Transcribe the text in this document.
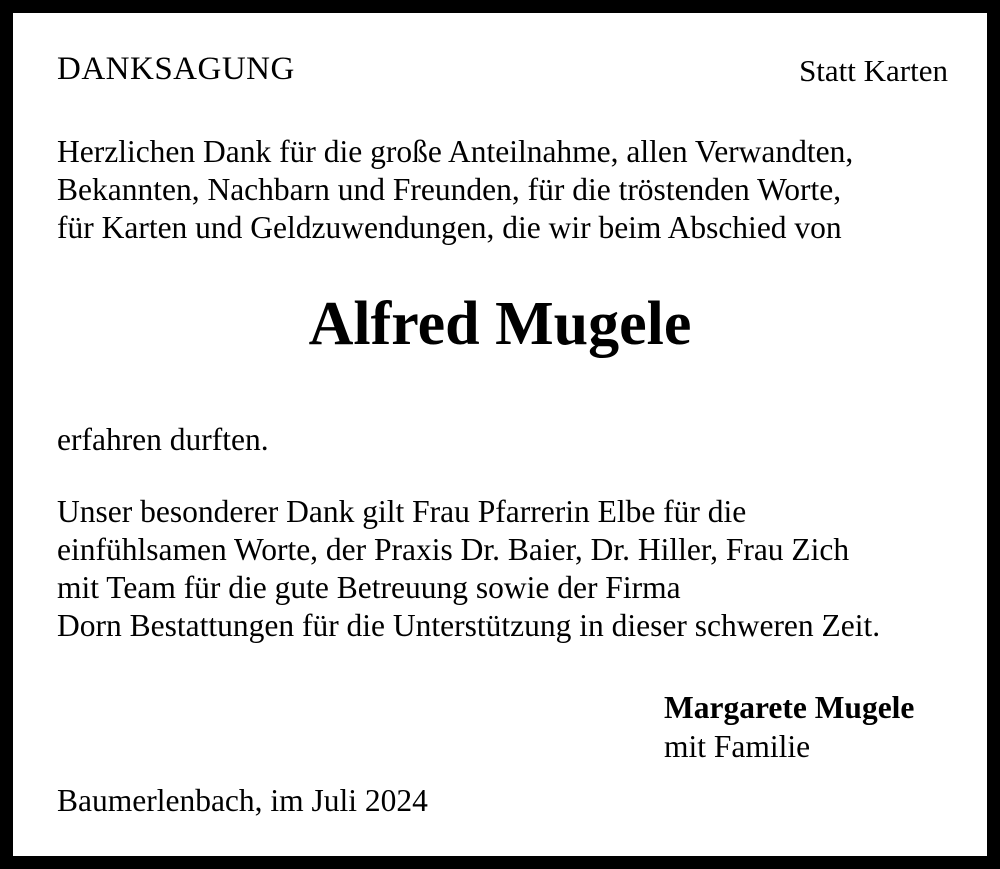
DANKSAGUNG	Statt Karten
Herzlichen Dank für die große Anteilnahme, allen Verwandten,
Bekannten, Nachbarn und Freunden, für die tröstenden Worte,
für Karten und Geldzuwendungen, die wir beim Abschied von
Alfred Mugele
erfahren durften.
Unser besonderer Dank gilt Frau Pfarrerin Elbe für die
einfühlsamen Worte, der Praxis Dr. Baier, Dr. Hiller, Frau Zich
mit Team für die gute Betreuung sowie der Firma
Dorn Bestattungen für die Unterstützung in dieser schweren Zeit.
Margarete Mugele
mit Familie
Baumerlenbach, im Juli 2024
